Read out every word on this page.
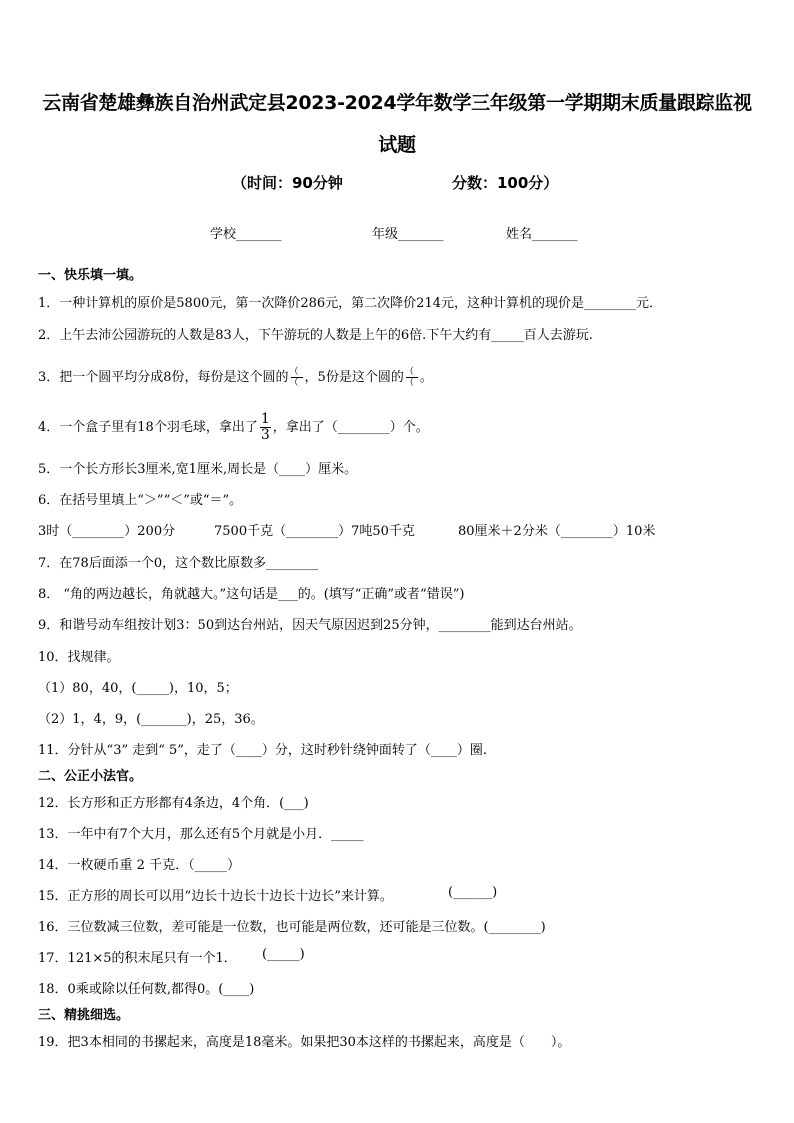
云南省楚雄彝族自治州武定县2023-2024学年数学三年级第一学期期末质量跟踪监视
试题
（时间：90分钟	分数：100分）
学校_______	年级_______	姓名_______
一、快乐填一填。
1．一种计算机的原价是5800元，第一次降价286元，第二次降价214元，这种计算机的现价是________元．
2．上午去沛公园游玩的人数是83人，下午游玩的人数是上午的6倍.下午大约有_____百人去游玩.
3．把一个圆平均分成8份，每份是这个圆的 $\frac{(}{(}$ ，5份是这个圆的 $\frac{(}{(}$ 。
4．一个盒子里有18个羽毛球，拿出了 $\frac{1}{3}$ ，拿出了（________）个。
5．一个长方形长3厘米,宽1厘米,周长是（____）厘米。
6．在括号里填上“＞”“＜”或“＝”。
3时（________）200分	7500千克（________）7吨50千克	80厘米＋2分米（________）10米
7．在78后面添一个0，这个数比原数多________
8． “角的两边越长，角就越大。”这句话是___的。(填写“正确”或者“错误”)
9．和谐号动车组按计划3：50到达台州站，因天气原因迟到25分钟，________能到达台州站。
10．找规律。
（1）80，40，(_____)，10，5；
（2）1，4，9，(_______)，25，36。
11．分针从“3” 走到“ 5”，走了（____）分，这时秒针绕钟面转了（____）圈.
二、公正小法官。
12．长方形和正方形都有4条边，4个角．(___)
13．一年中有7个大月，那么还有5个月就是小月．_____
14．一枚硬币重 2 千克．（_____）
15．正方形的周长可以用“边长十边长十边长十边长”来计算。	(______)
16．三位数减三位数，差可能是一位数，也可能是两位数，还可能是三位数。(________)
17．121×5的积末尾只有一个1． (_____)
18．0乘或除以任何数,都得0。(____)
三、精挑细选。
19．把3本相同的书摞起来，高度是18毫米。如果把30本这样的书摞起来，高度是（　　）。
